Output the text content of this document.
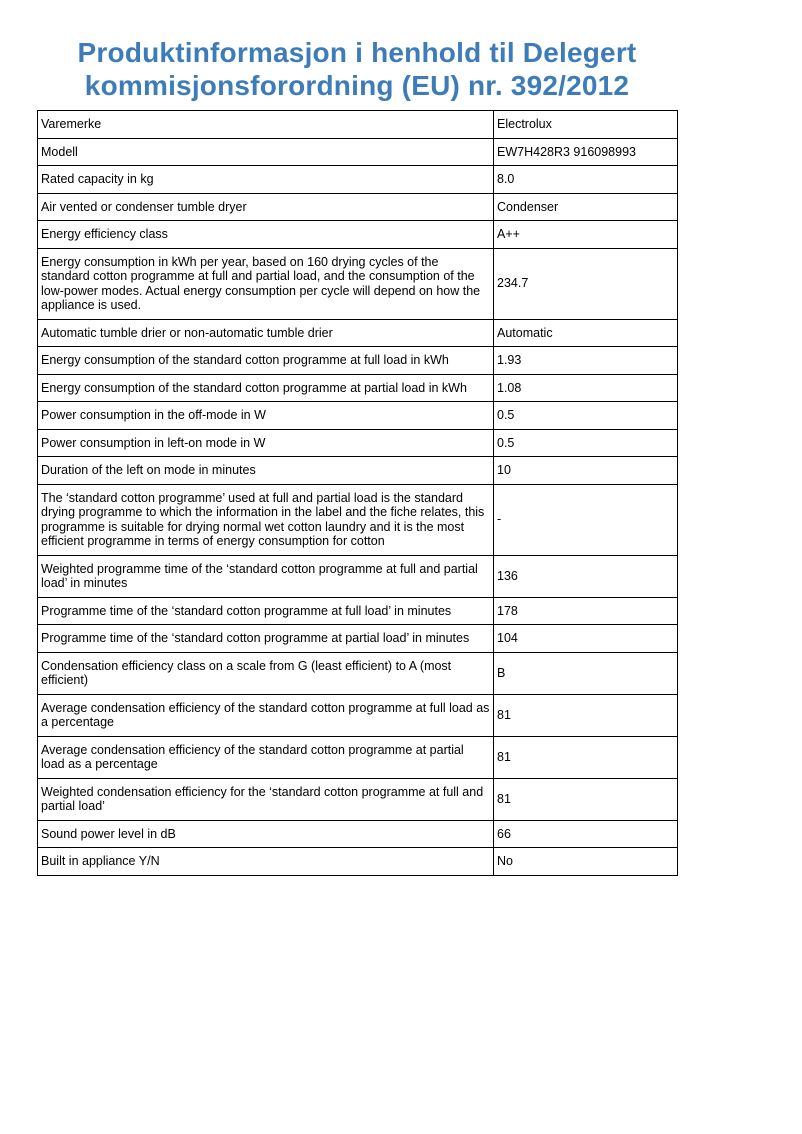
Produktinformasjon i henhold til Delegert
kommisjonsforordning (EU) nr. 392/2012
Varemerke	Electrolux
Modell	EW7H428R3 916098993
Rated capacity in kg	8.0
Air vented or condenser tumble dryer	Condenser
Energy efficiency class	A++
Energy consumption in kWh per year, based on 160 drying cycles of the standard cotton programme at full and partial load, and the consumption of the low-power modes. Actual energy consumption per cycle will depend on how the appliance is used.	234.7
Automatic tumble drier or non-automatic tumble drier	Automatic
Energy consumption of the standard cotton programme at full load in kWh	1.93
Energy consumption of the standard cotton programme at partial load in kWh	1.08
Power consumption in the off-mode in W	0.5
Power consumption in left-on mode in W	0.5
Duration of the left on mode in minutes	10
The ‘standard cotton programme’ used at full and partial load is the standard drying programme to which the information in the label and the fiche relates, this programme is suitable for drying normal wet cotton laundry and it is the most efficient programme in terms of energy consumption for cotton	-
Weighted programme time of the ‘standard cotton programme at full and partial load’ in minutes	136
Programme time of the ‘standard cotton programme at full load’ in minutes	178
Programme time of the ‘standard cotton programme at partial load’ in minutes	104
Condensation efficiency class on a scale from G (least efficient) to A (most efficient)	B
Average condensation efficiency of the standard cotton programme at full load as a percentage	81
Average condensation efficiency of the standard cotton programme at partial load as a percentage	81
Weighted condensation efficiency for the ‘standard cotton programme at full and partial load’	81
Sound power level in dB	66
Built in appliance Y/N	No
